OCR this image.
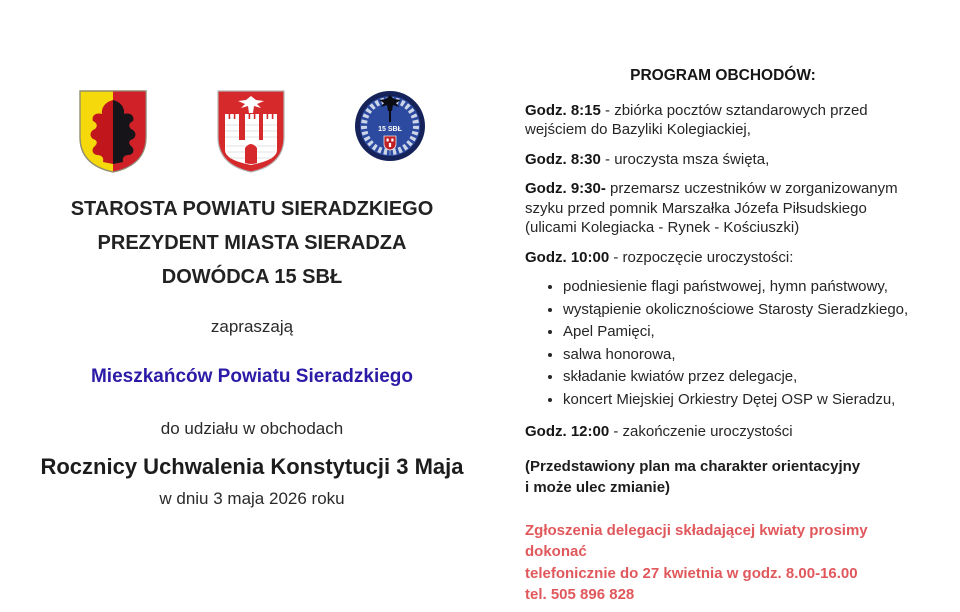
15 SBŁ
STAROSTA POWIATU SIERADZKIEGO
PREZYDENT MIASTA SIERADZA
DOWÓDCA 15 SBŁ
zapraszają
Mieszkańców Powiatu Sieradzkiego
do udziału w obchodach
Rocznicy Uchwalenia Konstytucji 3 Maja
w dniu 3 maja 2026 roku

PROGRAM OBCHODÓW:

Godz. 8:15 - zbiórka pocztów sztandarowych przed wejściem do Bazyliki Kolegiackiej,

Godz. 8:30 - uroczysta msza święta,

Godz. 9:30- przemarsz uczestników w zorganizowanym szyku przed pomnik Marszałka Józefa Piłsudskiego (ulicami Kolegiacka - Rynek - Kościuszki)

Godz. 10:00 - rozpoczęcie uroczystości:

• podniesienie flagi państwowej, hymn państwowy,
• wystąpienie okolicznościowe Starosty Sieradzkiego,
• Apel Pamięci,
• salwa honorowa,
• składanie kwiatów przez delegacje,
• koncert Miejskiej Orkiestry Dętej OSP w Sieradzu,

Godz. 12:00 - zakończenie uroczystości

(Przedstawiony plan ma charakter orientacyjny
i może ulec zmianie)

Zgłoszenia delegacji składającej kwiaty prosimy dokonać
telefonicznie do 27 kwietnia w godz. 8.00-16.00
tel. 505 896 828
